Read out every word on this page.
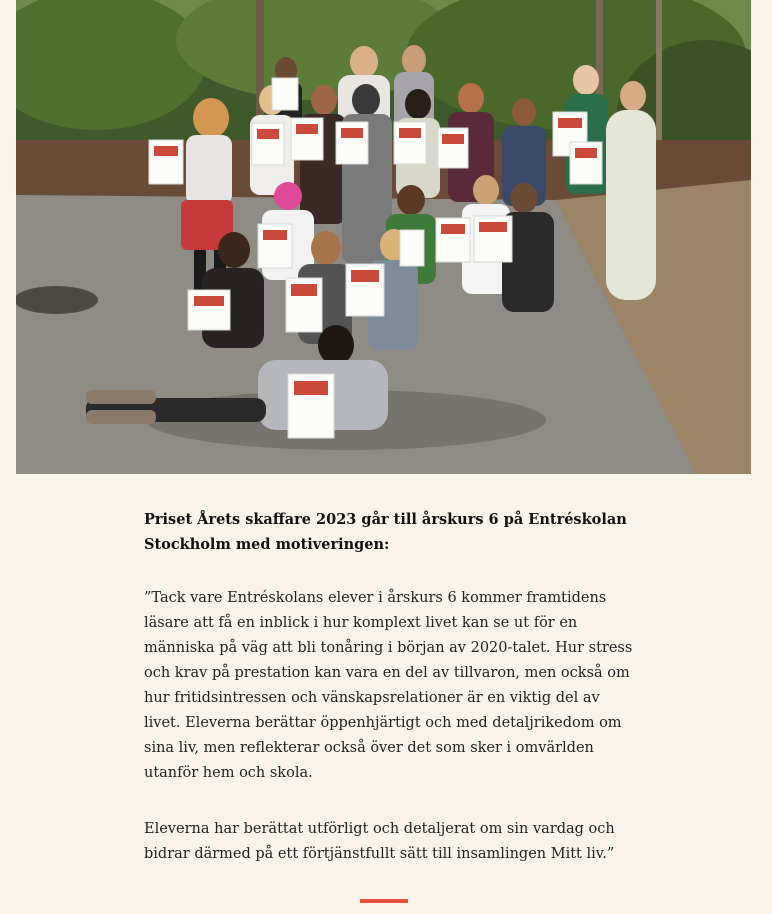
Priset Årets skaffare 2023 går till årskurs 6 på Entréskolan Stockholm med motiveringen:

”Tack vare Entréskolans elever i årskurs 6 kommer framtidens läsare att få en inblick i hur komplext livet kan se ut för en människa på väg att bli tonåring i början av 2020-talet. Hur stress och krav på prestation kan vara en del av tillvaron, men också om hur fritidsintressen och vänskapsrelationer är en viktig del av livet. Eleverna berättar öppenhjärtigt och med detaljrikedom om sina liv, men reflekterar också över det som sker i omvärlden utanför hem och skola.

Eleverna har berättat utförligt och detaljerat om sin vardag och bidrar därmed på ett förtjänstfullt sätt till insamlingen Mitt liv.”
